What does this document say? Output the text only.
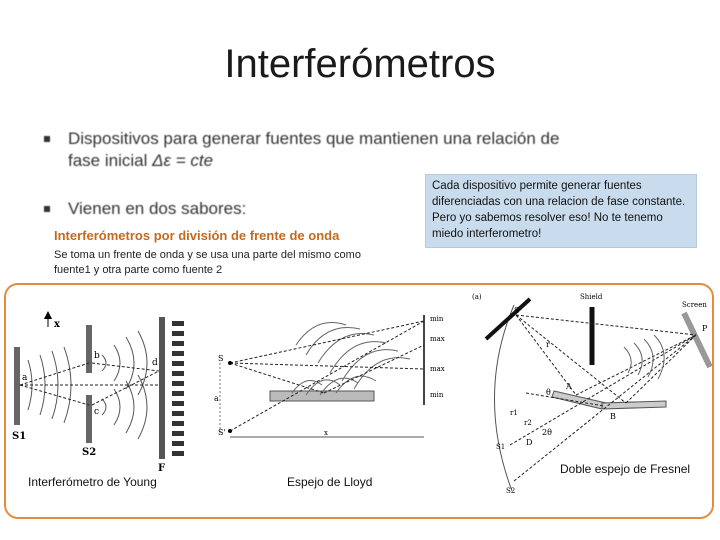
Interferómetros
Dispositivos para generar fuentes que mantienen una relación de
fase inicial Δε = cte
Vienen en dos sabores:
Interferómetros por división de frente de onda
Se toma un frente de onda y se usa una parte del mismo como fuente1 y otra parte como fuente 2
Cada dispositivo permite generar fuentes diferenciadas con una relacion de fase constante. Pero yo sabemos resolver eso! No te tenemo miedo interferometro!
x
a
b
c
d
S1
S2
F
S
S'
a
max
min
max
min
x
(a)	Shield
Screen
S
P
r
A
B
θ
2θ
D
r1
r2
S1
S2
Interferómetro de Young	Espejo de Lloyd
Doble espejo de Fresnel
